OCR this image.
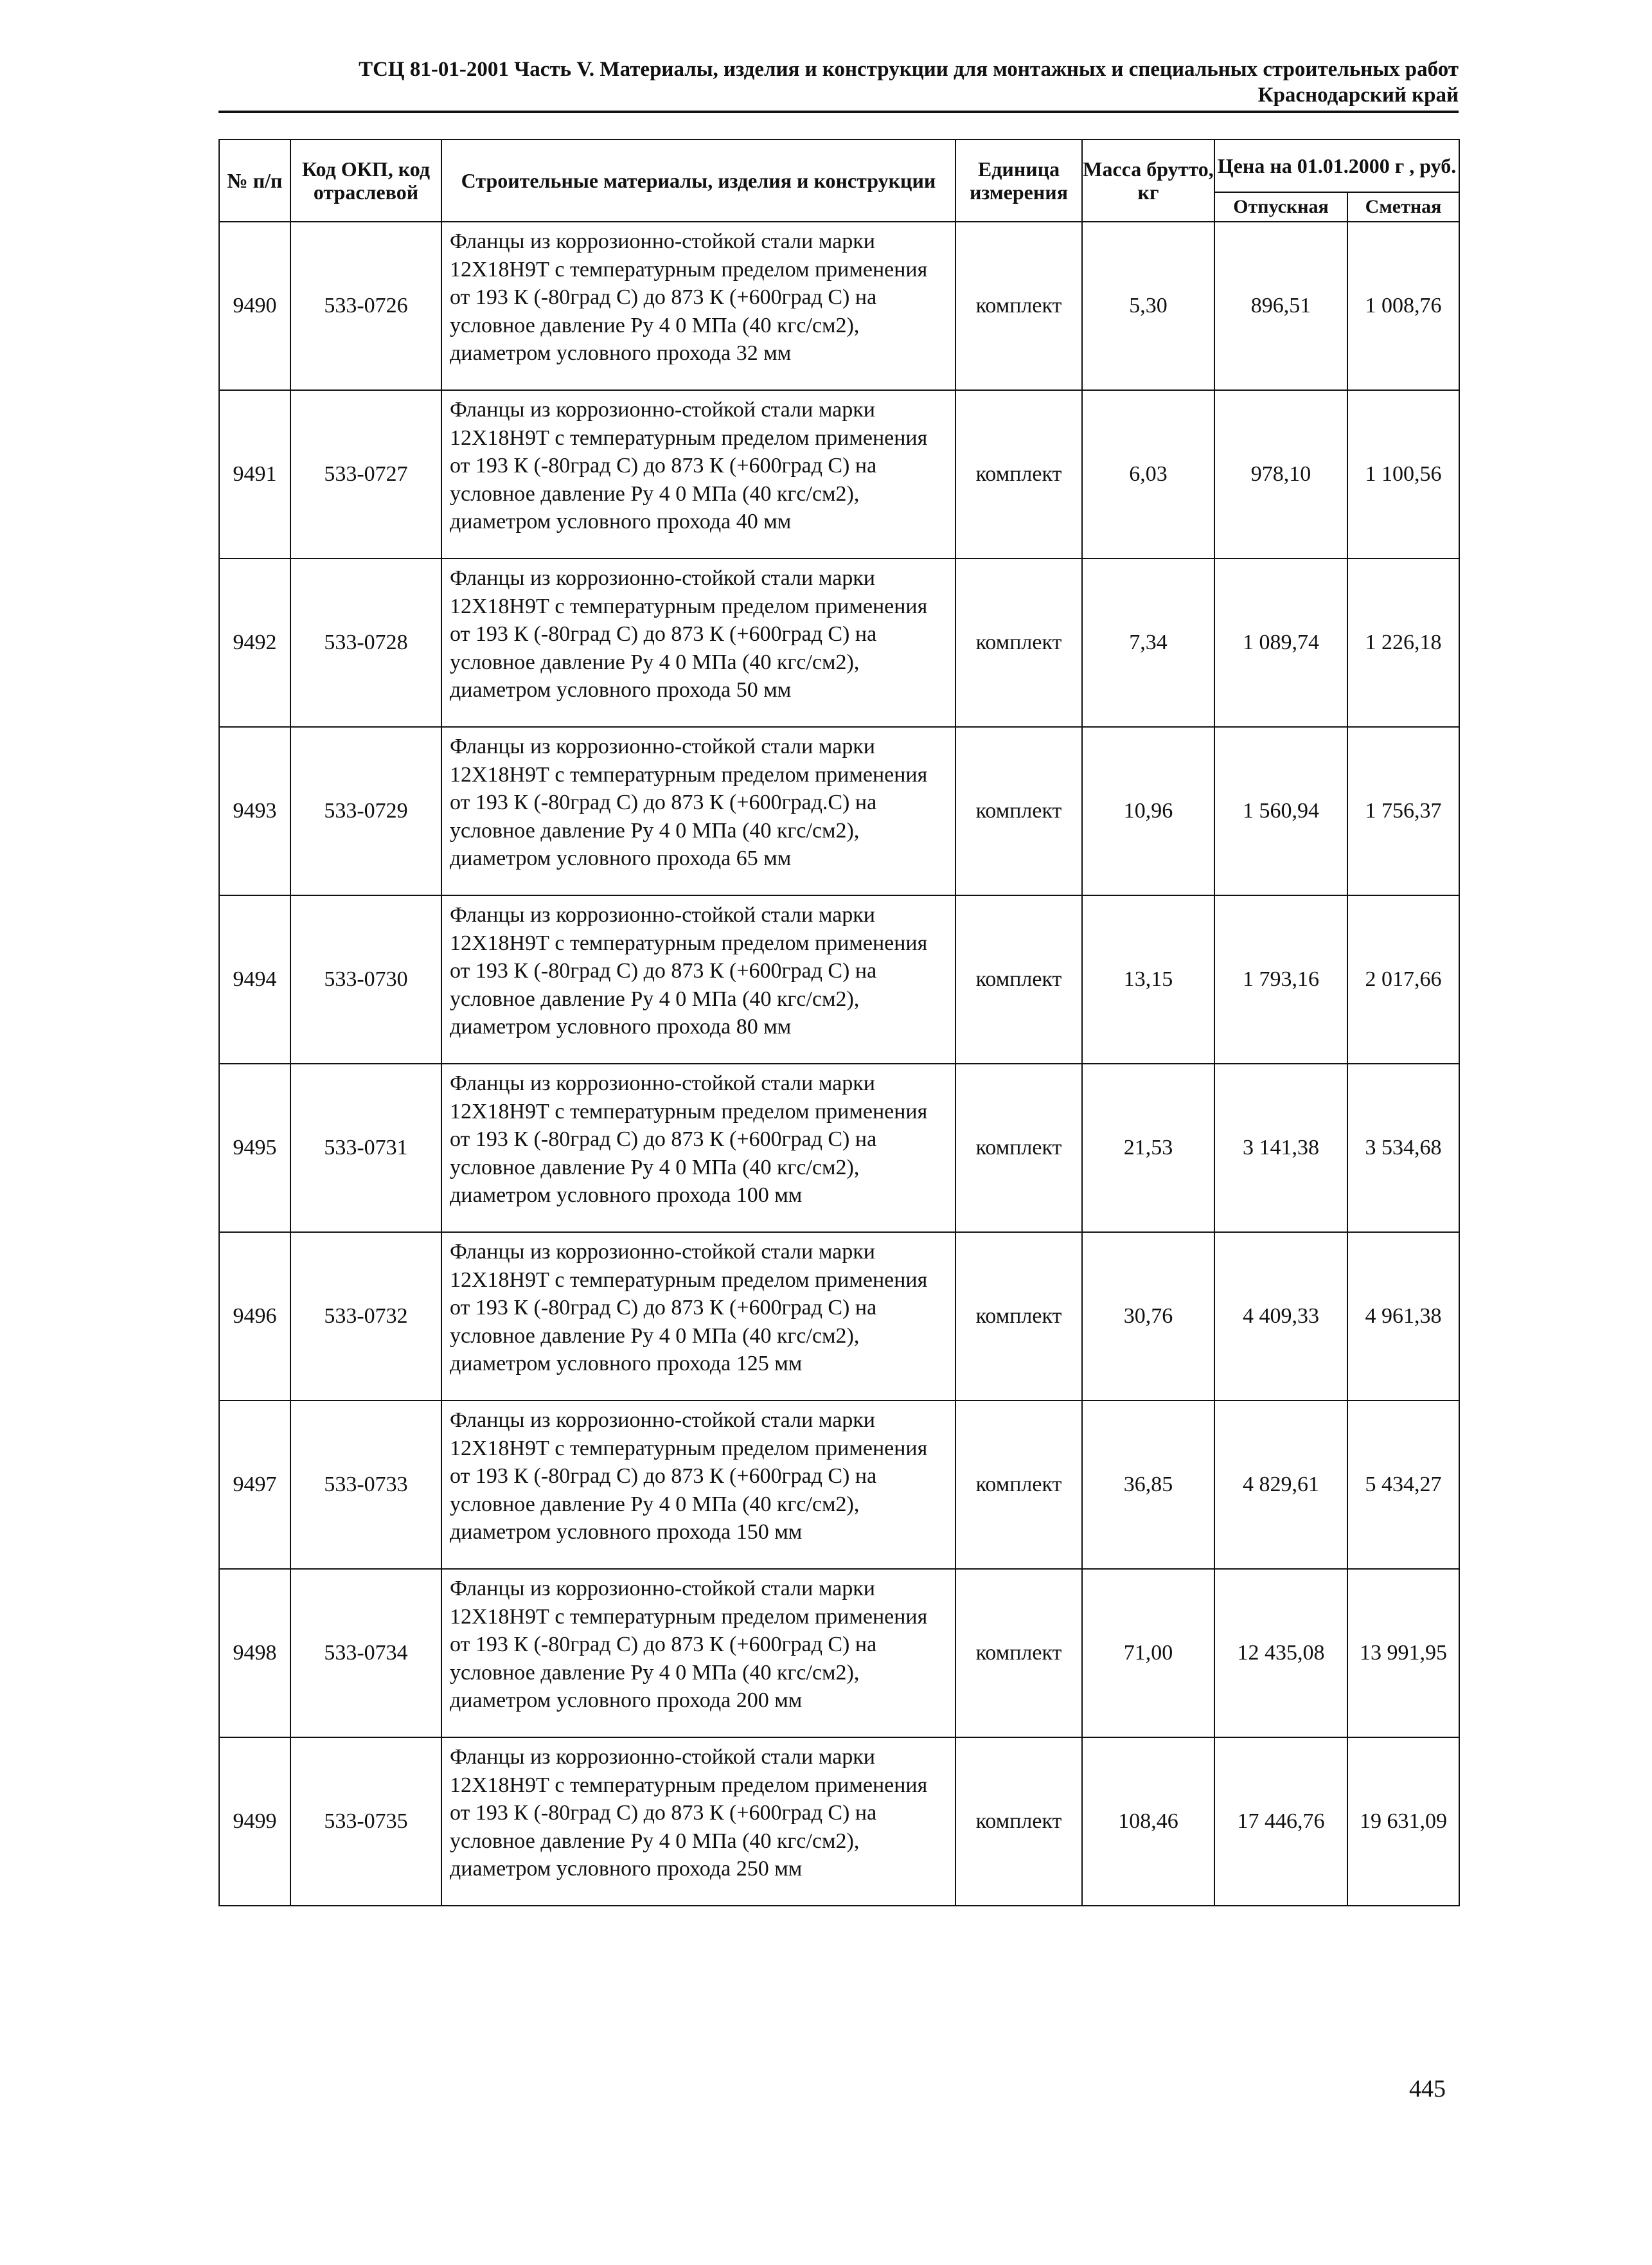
ТСЦ 81-01-2001 Часть V. Материалы, изделия и конструкции для монтажных и специальных строительных работ
Краснодарский край
№ п/п	Код ОКП, код отраслевой	Строительные материалы, изделия и конструкции	Единица измерения	Масса брутто, кг	Цена на 01.01.2000 г , руб.	
					Отпускная	Сметная
9490	533-0726	Фланцы из коррозионно-стойкой стали марки 12Х18Н9Т с температурным пределом применения от 193 К (-80град С) до 873 К (+600град С) на условное давление Ру 4 0 МПа (40 кгс/см2), диаметром условного прохода 32 мм	комплект	5,30	896,51	1 008,76
9491	533-0727	Фланцы из коррозионно-стойкой стали марки 12Х18Н9Т с температурным пределом применения от 193 К (-80град С) до 873 К (+600град С) на условное давление Ру 4 0 МПа (40 кгс/см2), диаметром условного прохода 40 мм	комплект	6,03	978,10	1 100,56
9492	533-0728	Фланцы из коррозионно-стойкой стали марки 12Х18Н9Т с температурным пределом применения от 193 К (-80град С) до 873 К (+600град С) на условное давление Ру 4 0 МПа (40 кгс/см2), диаметром условного прохода 50 мм	комплект	7,34	1 089,74	1 226,18
9493	533-0729	Фланцы из коррозионно-стойкой стали марки 12Х18Н9Т с температурным пределом применения от 193 К (-80град С) до 873 К (+600град.С) на условное давление Ру 4 0 МПа (40 кгс/см2), диаметром условного прохода 65 мм	комплект	10,96	1 560,94	1 756,37
9494	533-0730	Фланцы из коррозионно-стойкой стали марки 12Х18Н9Т с температурным пределом применения от 193 К (-80град С) до 873 К (+600град С) на условное давление Ру 4 0 МПа (40 кгс/см2), диаметром условного прохода 80 мм	комплект	13,15	1 793,16	2 017,66
9495	533-0731	Фланцы из коррозионно-стойкой стали марки 12Х18Н9Т с температурным пределом применения от 193 К (-80град С) до 873 К (+600град С) на условное давление Ру 4 0 МПа (40 кгс/см2), диаметром условного прохода 100 мм	комплект	21,53	3 141,38	3 534,68
9496	533-0732	Фланцы из коррозионно-стойкой стали марки 12Х18Н9Т с температурным пределом применения от 193 К (-80град С) до 873 К (+600град С) на условное давление Ру 4 0 МПа (40 кгс/см2), диаметром условного прохода 125 мм	комплект	30,76	4 409,33	4 961,38
9497	533-0733	Фланцы из коррозионно-стойкой стали марки 12Х18Н9Т с температурным пределом применения от 193 К (-80град С) до 873 К (+600град С) на условное давление Ру 4 0 МПа (40 кгс/см2), диаметром условного прохода 150 мм	комплект	36,85	4 829,61	5 434,27
9498	533-0734	Фланцы из коррозионно-стойкой стали марки 12Х18Н9Т с температурным пределом применения от 193 К (-80град С) до 873 К (+600град С) на условное давление Ру 4 0 МПа (40 кгс/см2), диаметром условного прохода 200 мм	комплект	71,00	12 435,08	13 991,95
9499	533-0735	Фланцы из коррозионно-стойкой стали марки 12Х18Н9Т с температурным пределом применения от 193 К (-80град С) до 873 К (+600град С) на условное давление Ру 4 0 МПа (40 кгс/см2), диаметром условного прохода 250 мм	комплект	108,46	17 446,76	19 631,09
445
